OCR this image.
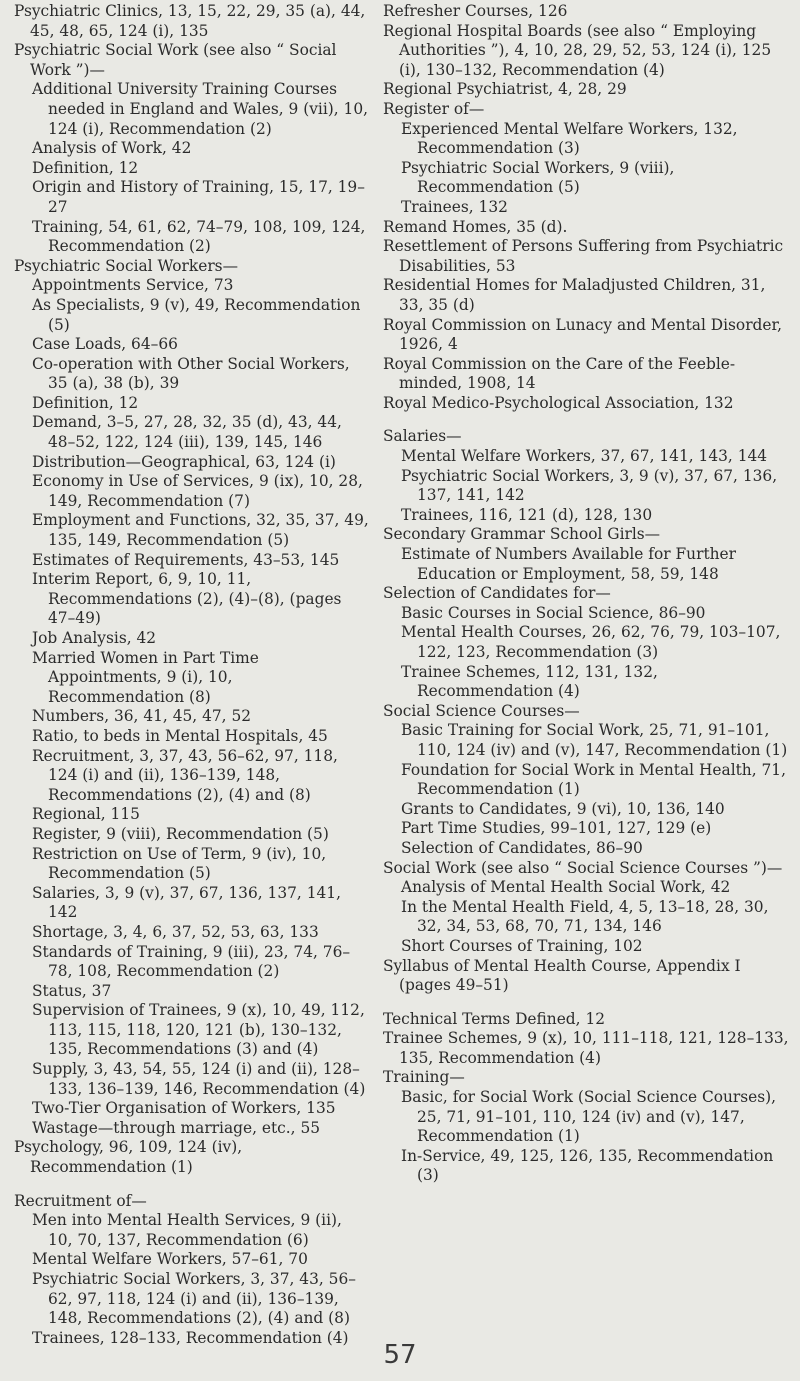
Psychiatric Clinics, 13, 15, 22, 29, 35 (a), 44, 45, 48, 65, 124 (i), 135
Psychiatric Social Work (see also “ Social Work ”)—
Additional University Training Courses needed in England and Wales, 9 (vii), 10, 124 (i), Recommendation (2)
Analysis of Work, 42
Definition, 12
Origin and History of Training, 15, 17, 19–27
Training, 54, 61, 62, 74–79, 108, 109, 124, Recommendation (2)
Psychiatric Social Workers—
Appointments Service, 73
As Specialists, 9 (v), 49, Recommendation (5)
Case Loads, 64–66
Co-operation with Other Social Workers, 35 (a), 38 (b), 39
Definition, 12
Demand, 3–5, 27, 28, 32, 35 (d), 43, 44, 48–52, 122, 124 (iii), 139, 145, 146
Distribution—Geographical, 63, 124 (i)
Economy in Use of Services, 9 (ix), 10, 28, 149, Recommendation (7)
Employment and Functions, 32, 35, 37, 49, 135, 149, Recommendation (5)
Estimates of Requirements, 43–53, 145
Interim Report, 6, 9, 10, 11, Recommendations (2), (4)–(8), (pages 47–49)
Job Analysis, 42
Married Women in Part Time Appointments, 9 (i), 10, Recommendation (8)
Numbers, 36, 41, 45, 47, 52
Ratio, to beds in Mental Hospitals, 45
Recruitment, 3, 37, 43, 56–62, 97, 118, 124 (i) and (ii), 136–139, 148, Recommendations (2), (4) and (8)
Regional, 115
Register, 9 (viii), Recommendation (5)
Restriction on Use of Term, 9 (iv), 10, Recommendation (5)
Salaries, 3, 9 (v), 37, 67, 136, 137, 141, 142
Shortage, 3, 4, 6, 37, 52, 53, 63, 133
Standards of Training, 9 (iii), 23, 74, 76–78, 108, Recommendation (2)
Status, 37
Supervision of Trainees, 9 (x), 10, 49, 112, 113, 115, 118, 120, 121 (b), 130–132, 135, Recommendations (3) and (4)
Supply, 3, 43, 54, 55, 124 (i) and (ii), 128–133, 136–139, 146, Recommendation (4)
Two-Tier Organisation of Workers, 135
Wastage—through marriage, etc., 55
Psychology, 96, 109, 124 (iv), Recommendation (1)
Recruitment of—
Men into Mental Health Services, 9 (ii), 10, 70, 137, Recommendation (6)
Mental Welfare Workers, 57–61, 70
Psychiatric Social Workers, 3, 37, 43, 56–62, 97, 118, 124 (i) and (ii), 136–139, 148, Recommendations (2), (4) and (8)
Trainees, 128–133, Recommendation (4)
Refresher Courses, 126
Regional Hospital Boards (see also “ Employing Authorities ”), 4, 10, 28, 29, 52, 53, 124 (i), 125 (i), 130–132, Recommendation (4)
Regional Psychiatrist, 4, 28, 29
Register of—
Experienced Mental Welfare Workers, 132, Recommendation (3)
Psychiatric Social Workers, 9 (viii), Recommendation (5)
Trainees, 132
Remand Homes, 35 (d).
Resettlement of Persons Suffering from Psychiatric Disabilities, 53
Residential Homes for Maladjusted Children, 31, 33, 35 (d)
Royal Commission on Lunacy and Mental Disorder, 1926, 4
Royal Commission on the Care of the Feeble-minded, 1908, 14
Royal Medico-Psychological Association, 132
Salaries—
Mental Welfare Workers, 37, 67, 141, 143, 144
Psychiatric Social Workers, 3, 9 (v), 37, 67, 136, 137, 141, 142
Trainees, 116, 121 (d), 128, 130
Secondary Grammar School Girls—
Estimate of Numbers Available for Further Education or Employment, 58, 59, 148
Selection of Candidates for—
Basic Courses in Social Science, 86–90
Mental Health Courses, 26, 62, 76, 79, 103–107, 122, 123, Recommendation (3)
Trainee Schemes, 112, 131, 132, Recommendation (4)
Social Science Courses—
Basic Training for Social Work, 25, 71, 91–101, 110, 124 (iv) and (v), 147, Recommendation (1)
Foundation for Social Work in Mental Health, 71, Recommendation (1)
Grants to Candidates, 9 (vi), 10, 136, 140
Part Time Studies, 99–101, 127, 129 (e)
Selection of Candidates, 86–90
Social Work (see also “ Social Science Courses ”)—
Analysis of Mental Health Social Work, 42
In the Mental Health Field, 4, 5, 13–18, 28, 30, 32, 34, 53, 68, 70, 71, 134, 146
Short Courses of Training, 102
Syllabus of Mental Health Course, Appendix I (pages 49–51)
Technical Terms Defined, 12
Trainee Schemes, 9 (x), 10, 111–118, 121, 128–133, 135, Recommendation (4)
Training—
Basic, for Social Work (Social Science Courses), 25, 71, 91–101, 110, 124 (iv) and (v), 147, Recommendation (1)
In-Service, 49, 125, 126, 135, Recommendation (3)
57
